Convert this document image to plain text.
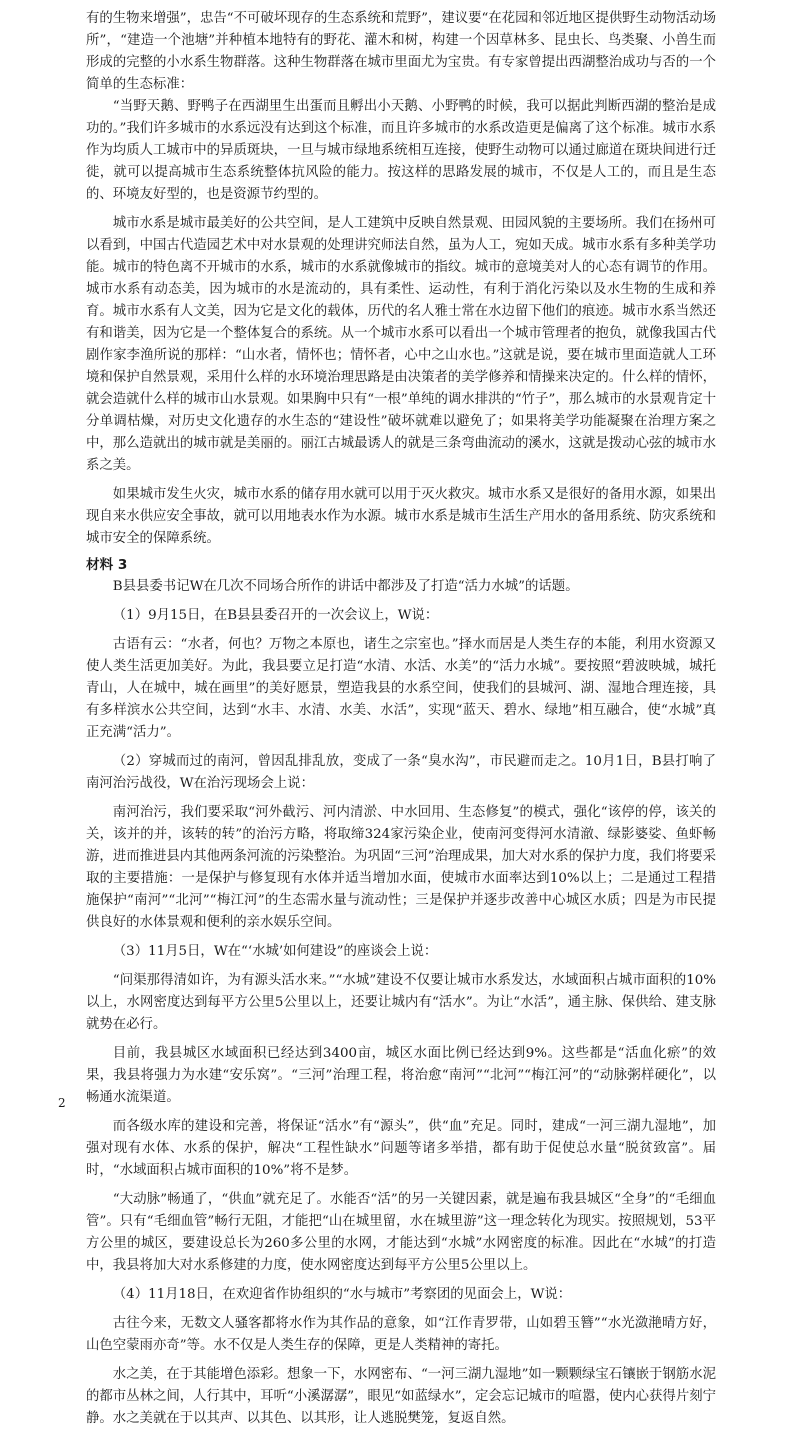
有的生物来增强”，忠告“不可破坏现存的生态系统和荒野”，建议要“在花园和邻近地区提供野生动物活动场所”，“建造一个池塘”并种植本地特有的野花、灌木和树，构建一个因草林多、昆虫长、鸟类聚、小兽生而形成的完整的小水系生物群落。这种生物群落在城市里面尤为宝贵。有专家曾提出西湖整治成功与否的一个简单的生态标准：

“当野天鹅、野鸭子在西湖里生出蛋而且孵出小天鹅、小野鸭的时候，我可以据此判断西湖的整治是成功的。”我们许多城市的水系远没有达到这个标准，而且许多城市的水系改造更是偏离了这个标准。城市水系作为均质人工城市中的异质斑块，一旦与城市绿地系统相互连接，使野生动物可以通过廊道在斑块间进行迁徙，就可以提高城市生态系统整体抗风险的能力。按这样的思路发展的城市，不仅是人工的，而且是生态的、环境友好型的，也是资源节约型的。

城市水系是城市最美好的公共空间，是人工建筑中反映自然景观、田园风貌的主要场所。我们在扬州可以看到，中国古代造园艺术中对水景观的处理讲究师法自然，虽为人工，宛如天成。城市水系有多种美学功能。城市的特色离不开城市的水系，城市的水系就像城市的指纹。城市的意境美对人的心态有调节的作用。城市水系有动态美，因为城市的水是流动的，具有柔性、运动性，有利于消化污染以及水生物的生成和养育。城市水系有人文美，因为它是文化的载体，历代的名人雅士常在水边留下他们的痕迹。城市水系当然还有和谐美，因为它是一个整体复合的系统。从一个城市水系可以看出一个城市管理者的抱负，就像我国古代剧作家李渔所说的那样：“山水者，情怀也；情怀者，心中之山水也。”这就是说，要在城市里面造就人工环境和保护自然景观，采用什么样的水环境治理思路是由决策者的美学修养和情操来决定的。什么样的情怀，就会造就什么样的城市山水景观。如果胸中只有“一根”单纯的调水排洪的“竹子”，那么城市的水景观肯定十分单调枯燥，对历史文化遗存的水生态的“建设性”破坏就难以避免了；如果将美学功能凝聚在治理方案之中，那么造就出的城市就是美丽的。丽江古城最诱人的就是三条弯曲流动的溪水，这就是拨动心弦的城市水系之美。

如果城市发生火灾，城市水系的储存用水就可以用于灭火救灾。城市水系又是很好的备用水源，如果出现自来水供应安全事故，就可以用地表水作为水源。城市水系是城市生活生产用水的备用系统、防灾系统和城市安全的保障系统。

材料 3

B县县委书记W在几次不同场合所作的讲话中都涉及了打造“活力水城”的话题。

（1）9月15日，在B县县委召开的一次会议上，W说：

古语有云：“水者，何也？万物之本原也，诸生之宗室也。”择水而居是人类生存的本能，利用水资源又使人类生活更加美好。为此，我县要立足打造“水清、水活、水美”的“活力水城”。要按照“碧波映城，城托青山，人在城中，城在画里”的美好愿景，塑造我县的水系空间，使我们的县城河、湖、湿地合理连接，具有多样滨水公共空间，达到“水丰、水清、水美、水活”，实现“蓝天、碧水、绿地”相互融合，使“水城”真正充满“活力”。

（2）穿城而过的南河，曾因乱排乱放，变成了一条“臭水沟”，市民避而走之。10月1日，B县打响了南河治污战役，W在治污现场会上说：

南河治污，我们要采取“河外截污、河内清淤、中水回用、生态修复”的模式，强化“该停的停，该关的关，该并的并，该转的转”的治污方略，将取缔324家污染企业，使南河变得河水清澈、绿影婆娑、鱼虾畅游，进而推进县内其他两条河流的污染整治。为巩固“三河”治理成果，加大对水系的保护力度，我们将要采取的主要措施：一是保护与修复现有水体并适当增加水面，使城市水面率达到10%以上；二是通过工程措施保护“南河”“北河”“梅江河”的生态需水量与流动性；三是保护并逐步改善中心城区水质；四是为市民提供良好的水体景观和便利的亲水娱乐空间。

（3）11月5日，W在“‘水城’如何建设”的座谈会上说：

“问渠那得清如许，为有源头活水来。”“水城”建设不仅要让城市水系发达，水域面积占城市面积的10%以上，水网密度达到每平方公里5公里以上，还要让城内有“活水”。为让“水活”，通主脉、保供给、建支脉就势在必行。

目前，我县城区水域面积已经达到3400亩，城区水面比例已经达到9%。这些都是“活血化瘀”的效果，我县将强力为水建“安乐窝”。“三河”治理工程，将治愈“南河”“北河”“梅江河”的“动脉粥样硬化”，以畅通水流渠道。

而各级水库的建设和完善，将保证“活水”有“源头”，供“血”充足。同时，建成“一河三湖九湿地”，加强对现有水体、水系的保护，解决“工程性缺水”问题等诸多举措，都有助于促使总水量“脱贫致富”。届时，“水域面积占城市面积的10%”将不是梦。

“大动脉”畅通了，“供血”就充足了。水能否“活”的另一关键因素，就是遍布我县城区“全身”的“毛细血管”。只有“毛细血管”畅行无阻，才能把“山在城里留，水在城里游”这一理念转化为现实。按照规划，53平方公里的城区，要建设总长为260多公里的水网，才能达到“水城”水网密度的标准。因此在“水城”的打造中，我县将加大对水系修建的力度，使水网密度达到每平方公里5公里以上。

（4）11月18日，在欢迎省作协组织的“水与城市”考察团的见面会上，W说：

古往今来，无数文人骚客都将水作为其作品的意象，如“江作青罗带，山如碧玉簪”“水光潋滟晴方好，山色空蒙雨亦奇”等。水不仅是人类生存的保障，更是人类精神的寄托。

水之美，在于其能增色添彩。想象一下，水网密布、“一河三湖九湿地”如一颗颗绿宝石镶嵌于钢筋水泥的都市丛林之间，人行其中，耳听“小溪潺潺”，眼见“如蓝绿水”，定会忘记城市的喧嚣，使内心获得片刻宁静。水之美就在于以其声、以其色、以其形，让人逃脱樊笼，复返自然。

2
